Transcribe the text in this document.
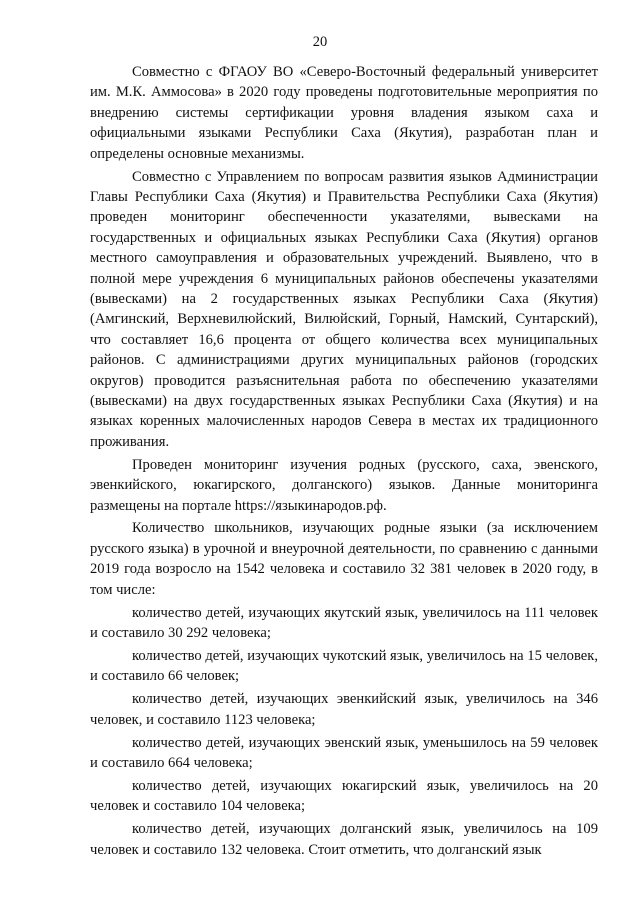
20

Совместно с ФГАОУ ВО «Северо-Восточный федеральный университет им. М.К. Аммосова» в 2020 году проведены подготовительные мероприятия по внедрению системы сертификации уровня владения языком саха и официальными языками Республики Саха (Якутия), разработан план и определены основные механизмы.

Совместно с Управлением по вопросам развития языков Администрации Главы Республики Саха (Якутия) и Правительства Республики Саха (Якутия) проведен мониторинг обеспеченности указателями, вывесками на государственных и официальных языках Республики Саха (Якутия) органов местного самоуправления и образовательных учреждений. Выявлено, что в полной мере учреждения 6 муниципальных районов обеспечены указателями (вывесками) на 2 государственных языках Республики Саха (Якутия) (Амгинский, Верхневилюйский, Вилюйский, Горный, Намский, Сунтарский), что составляет 16,6 процента от общего количества всех муниципальных районов. С администрациями других муниципальных районов (городских округов) проводится разъяснительная работа по обеспечению указателями (вывесками) на двух государственных языках Республики Саха (Якутия) и на языках коренных малочисленных народов Севера в местах их традиционного проживания.

Проведен мониторинг изучения родных (русского, саха, эвенского, эвенкийского, юкагирского, долганского) языков. Данные мониторинга размещены на портале https://языкинародов.рф.

Количество школьников, изучающих родные языки (за исключением русского языка) в урочной и внеурочной деятельности, по сравнению с данными 2019 года возросло на 1542 человека и составило 32 381 человек в 2020 году, в том числе:

количество детей, изучающих якутский язык, увеличилось на 111 человек и составило 30 292 человека;

количество детей, изучающих чукотский язык, увеличилось на 15 человек, и составило 66 человек;

количество детей, изучающих эвенкийский язык, увеличилось на 346 человек, и составило 1123 человека;

количество детей, изучающих эвенский язык, уменьшилось на 59 человек и составило 664 человека;

количество детей, изучающих юкагирский язык, увеличилось на 20 человек и составило 104 человека;

количество детей, изучающих долганский язык, увеличилось на 109 человек и составило 132 человека. Стоит отметить, что долганский язык
